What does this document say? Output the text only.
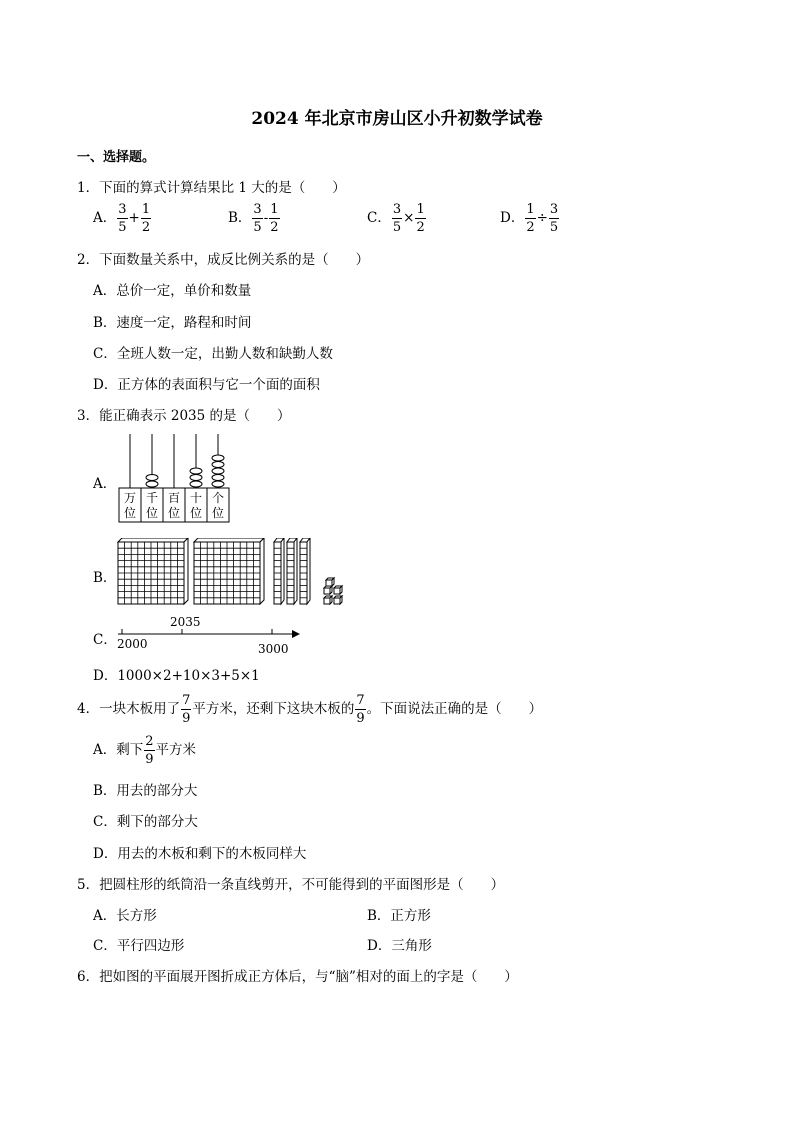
2024 年北京市房山区小升初数学试卷
一、选择题。
1．下面的算式计算结果比 1 大的是（　　）
A． $\frac{3}{5} + \frac{1}{2}$	B． $\frac{3}{5} - \frac{1}{2}$	C． $\frac{3}{5} \times \frac{1}{2}$	D． $\frac{1}{2} \div \frac{3}{5}$
2．下面数量关系中，成反比例关系的是（　　）
A．总价一定，单价和数量
B．速度一定，路程和时间
C．全班人数一定，出勤人数和缺勤人数
D．正方体的表面积与它一个面的面积
3．能正确表示 2035 的是（　　）
A．
万
位
千
位
百
位
十
位
个
位
B．
C．
2035
2000	3000
D．1000×2+10×3+5×1
4．一块木板用了 $\frac{7}{9}$ 平方米，还剩下这块木板的 $\frac{7}{9}$ 。下面说法正确的是（　　）
A．剩下 $\frac{2}{9}$ 平方米
B．用去的部分大
C．剩下的部分大
D．用去的木板和剩下的木板同样大
5．把圆柱形的纸筒沿一条直线剪开，不可能得到的平面图形是（　　）
A．长方形	B．正方形
C．平行四边形	D．三角形
6．把如图的平面展开图折成正方体后，与“脑”相对的面上的字是（　　）
